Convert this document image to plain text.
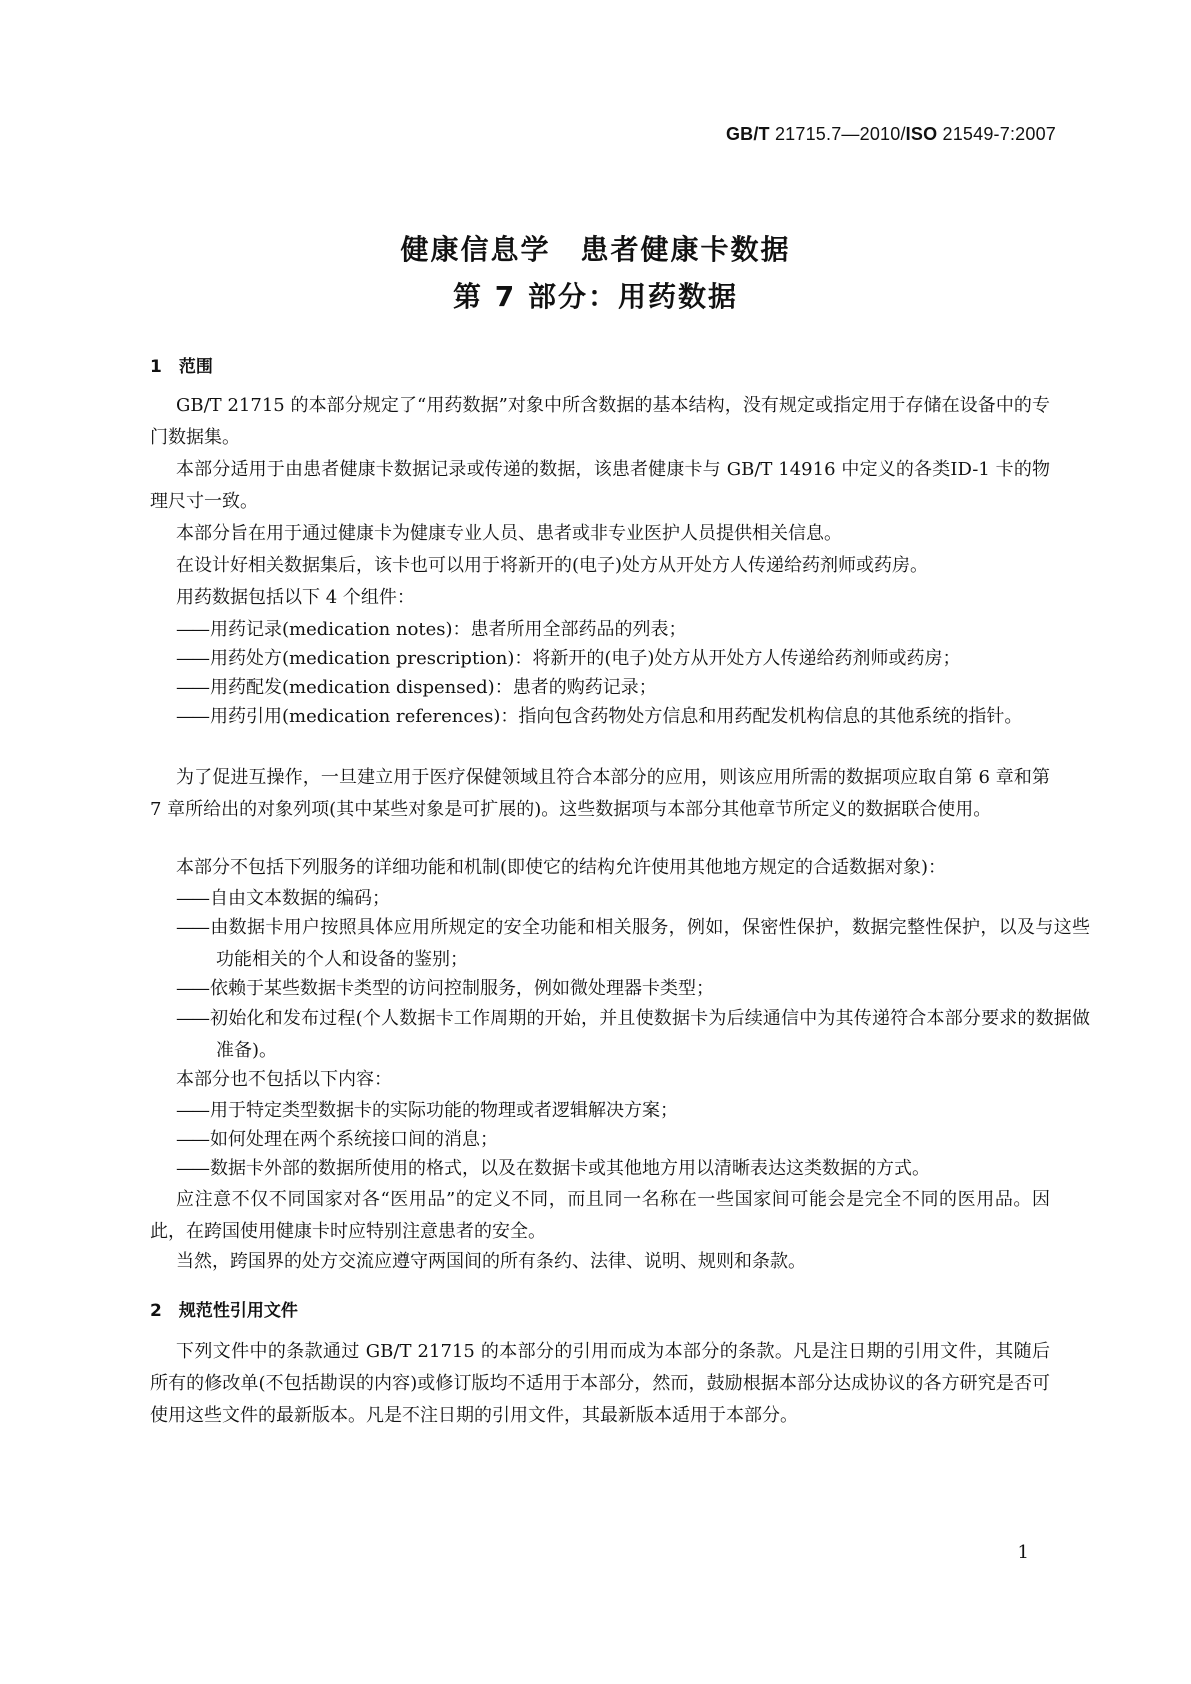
GB/T 21715.7—2010/ISO 21549-7:2007
健康信息学　患者健康卡数据
第 7 部分：用药数据
1　范围
GB/T 21715 的本部分规定了“用药数据”对象中所含数据的基本结构，没有规定或指定用于存储在设备中的专门数据集。
本部分适用于由患者健康卡数据记录或传递的数据，该患者健康卡与 GB/T 14916 中定义的各类ID-1 卡的物理尺寸一致。
本部分旨在用于通过健康卡为健康专业人员、患者或非专业医护人员提供相关信息。
在设计好相关数据集后，该卡也可以用于将新开的(电子)处方从开处方人传递给药剂师或药房。
用药数据包括以下 4 个组件：
—— 用药记录(medication notes)：患者所用全部药品的列表；
—— 用药处方(medication prescription)：将新开的(电子)处方从开处方人传递给药剂师或药房；
—— 用药配发(medication dispensed)：患者的购药记录；
—— 用药引用(medication references)：指向包含药物处方信息和用药配发机构信息的其他系统的指针。
为了促进互操作，一旦建立用于医疗保健领域且符合本部分的应用，则该应用所需的数据项应取自第 6 章和第 7 章所给出的对象列项(其中某些对象是可扩展的)。这些数据项与本部分其他章节所定义的数据联合使用。
本部分不包括下列服务的详细功能和机制(即使它的结构允许使用其他地方规定的合适数据对象)：
—— 自由文本数据的编码；
—— 由数据卡用户按照具体应用所规定的安全功能和相关服务，例如，保密性保护，数据完整性保护，以及与这些功能相关的个人和设备的鉴别；
—— 依赖于某些数据卡类型的访问控制服务，例如微处理器卡类型；
—— 初始化和发布过程(个人数据卡工作周期的开始，并且使数据卡为后续通信中为其传递符合本部分要求的数据做准备)。
本部分也不包括以下内容：
—— 用于特定类型数据卡的实际功能的物理或者逻辑解决方案；
—— 如何处理在两个系统接口间的消息；
—— 数据卡外部的数据所使用的格式，以及在数据卡或其他地方用以清晰表达这类数据的方式。
应注意不仅不同国家对各“医用品”的定义不同，而且同一名称在一些国家间可能会是完全不同的医用品。因此，在跨国使用健康卡时应特别注意患者的安全。
当然，跨国界的处方交流应遵守两国间的所有条约、法律、说明、规则和条款。
2　规范性引用文件
下列文件中的条款通过 GB/T 21715 的本部分的引用而成为本部分的条款。凡是注日期的引用文件，其随后所有的修改单(不包括勘误的内容)或修订版均不适用于本部分，然而，鼓励根据本部分达成协议的各方研究是否可使用这些文件的最新版本。凡是不注日期的引用文件，其最新版本适用于本部分。
1
